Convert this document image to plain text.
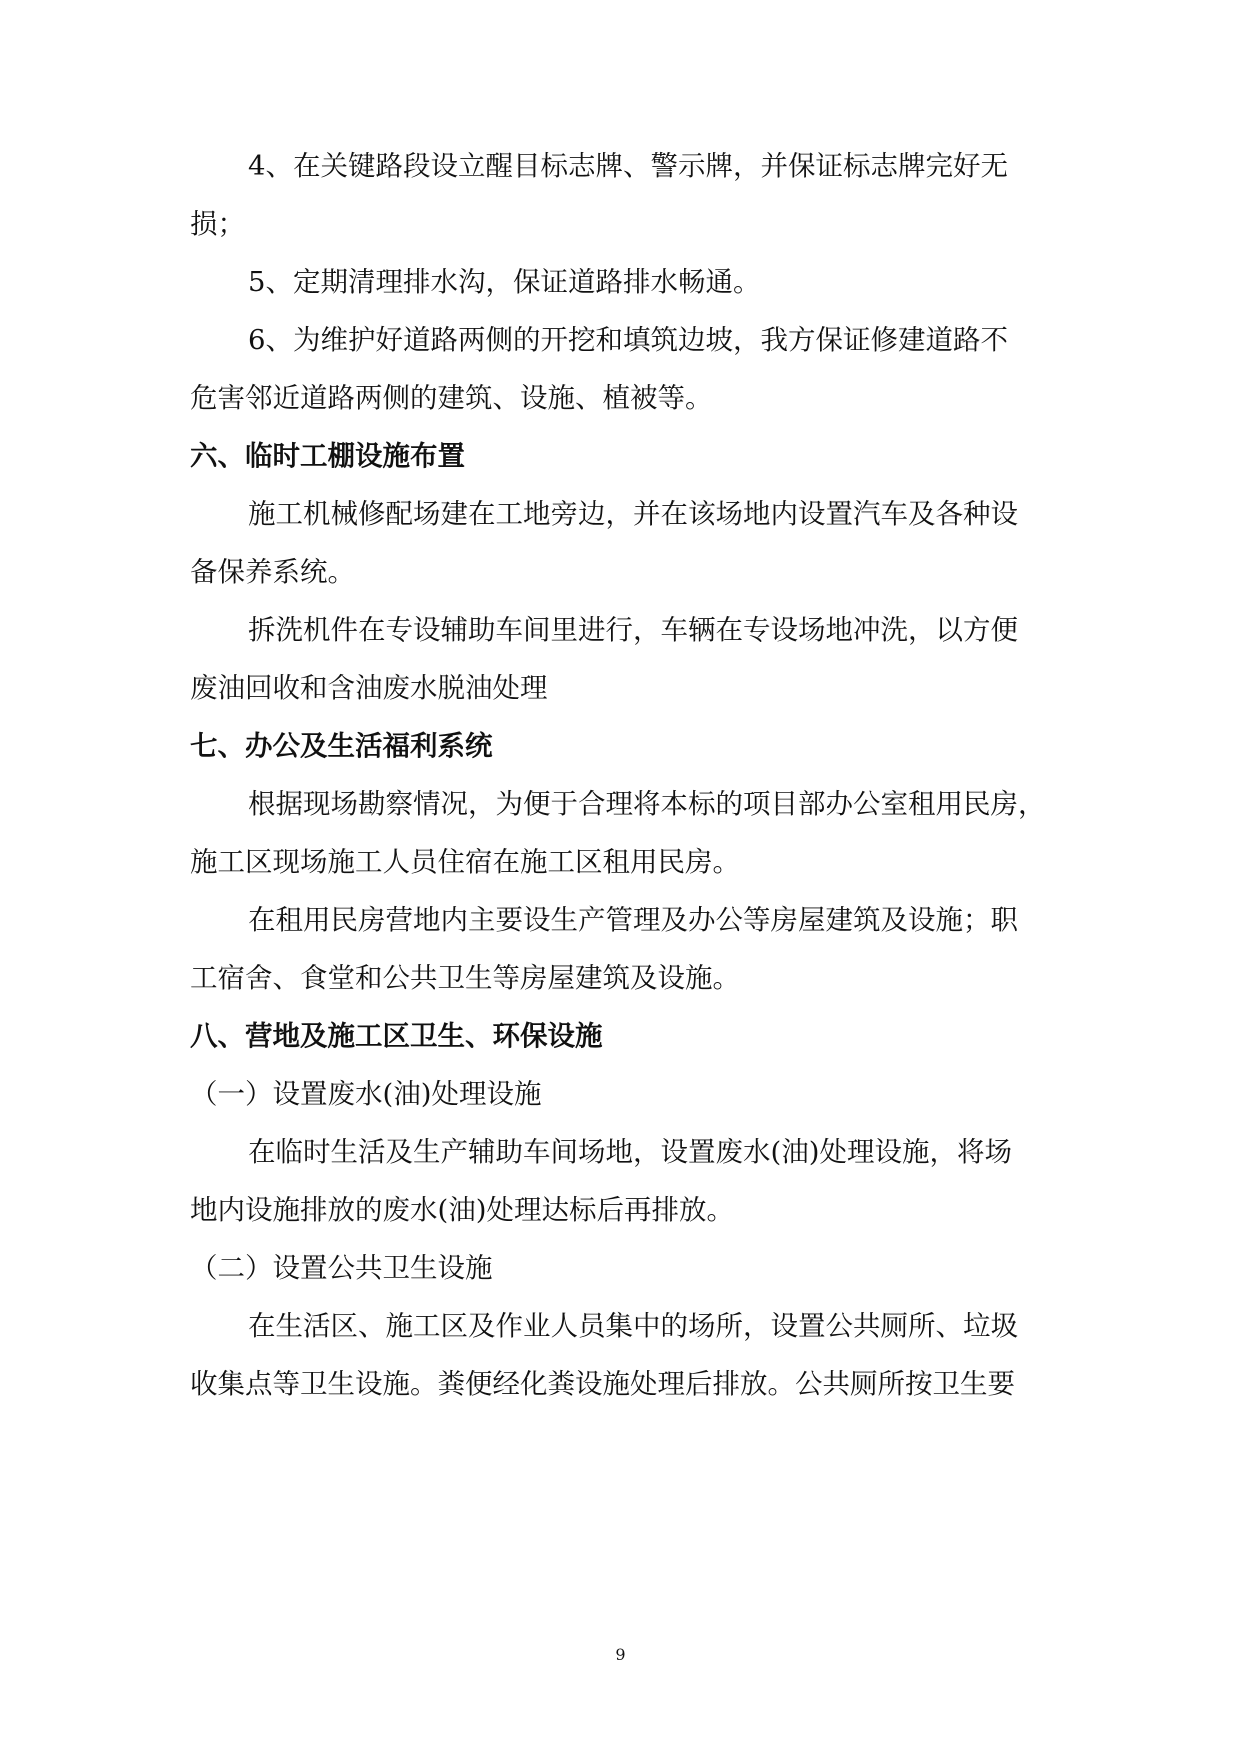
4、在关键路段设立醒目标志牌、警示牌，并保证标志牌完好无
损；
5、定期清理排水沟，保证道路排水畅通。
6、为维护好道路两侧的开挖和填筑边坡，我方保证修建道路不
危害邻近道路两侧的建筑、设施、植被等。
六、临时工棚设施布置
施工机械修配场建在工地旁边，并在该场地内设置汽车及各种设
备保养系统。
拆洗机件在专设辅助车间里进行，车辆在专设场地冲洗，以方便
废油回收和含油废水脱油处理
七、办公及生活福利系统
根据现场勘察情况，为便于合理将本标的项目部办公室租用民房，
施工区现场施工人员住宿在施工区租用民房。
在租用民房营地内主要设生产管理及办公等房屋建筑及设施；职
工宿舍、食堂和公共卫生等房屋建筑及设施。
八、营地及施工区卫生、环保设施
（一）设置废水(油)处理设施
在临时生活及生产辅助车间场地，设置废水(油)处理设施，将场
地内设施排放的废水(油)处理达标后再排放。
（二）设置公共卫生设施
在生活区、施工区及作业人员集中的场所，设置公共厕所、垃圾
收集点等卫生设施。粪便经化粪设施处理后排放。公共厕所按卫生要
9
